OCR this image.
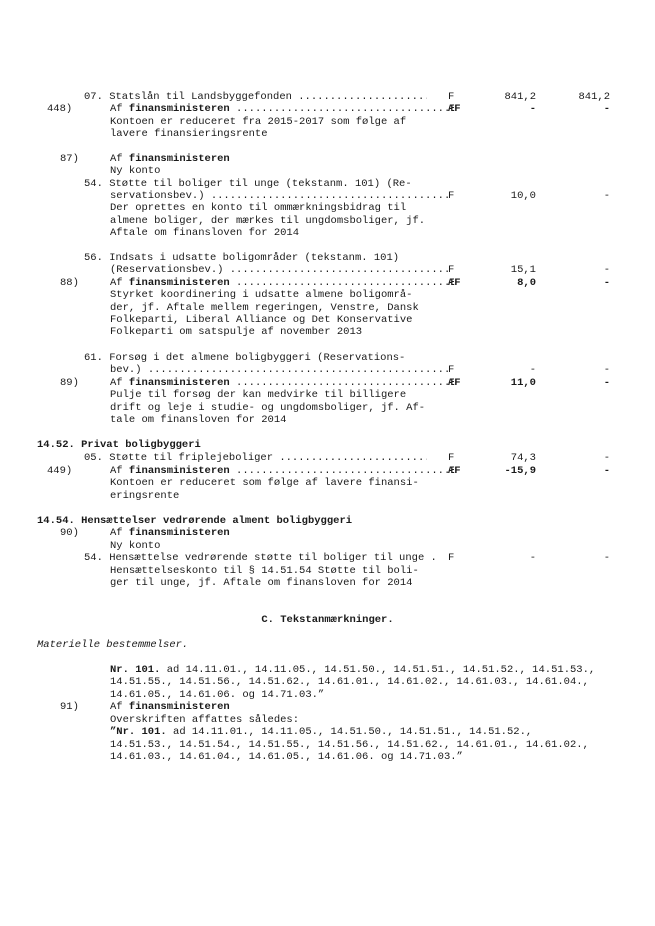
07. Statslån til Landsbyggefonden .....	F	841,2	841,2
448)	Af finansministeren .....	ÆF	-	-
Kontoen er reduceret fra 2015-2017 som følge af
lavere finansieringsrente
87)	Af finansministeren
Ny konto
54. Støtte til boliger til unge (tekstanm. 101) (Re-
servationsbev.) .....	F	10,0	-
Der oprettes en konto til ommærkningsbidrag til
almene boliger, der mærkes til ungdomsboliger, jf.
Aftale om finansloven for 2014
56. Indsats i udsatte boligområder (tekstanm. 101)
(Reservationsbev.) .....	F	15,1	-
88)	Af finansministeren .....	ÆF	8,0	-
Styrket koordinering i udsatte almene boligområ-
der, jf. Aftale mellem regeringen, Venstre, Dansk
Folkeparti, Liberal Alliance og Det Konservative
Folkeparti om satspulje af november 2013
61. Forsøg i det almene boligbyggeri (Reservations-
bev.) .....	F	-	-
89)	Af finansministeren .....	ÆF	11,0	-
Pulje til forsøg der kan medvirke til billigere
drift og leje i studie- og ungdomsboliger, jf. Af-
tale om finansloven for 2014
14.52. Privat boligbyggeri
05. Støtte til friplejeboliger .....	F	74,3	-
449)	Af finansministeren .....	ÆF	-15,9	-
Kontoen er reduceret som følge af lavere finansi-
eringsrente
14.54. Hensættelser vedrørende alment boligbyggeri
90)	Af finansministeren
Ny konto
54. Hensættelse vedrørende støtte til boliger til unge . F	-	-
Hensættelseskonto til § 14.51.54 Støtte til boli-
ger til unge, jf. Aftale om finansloven for 2014
C. Tekstanmærkninger.
Materielle bestemmelser.
Nr. 101. ad 14.11.01., 14.11.05., 14.51.50., 14.51.51., 14.51.52., 14.51.53.,
14.51.55., 14.51.56., 14.51.62., 14.61.01., 14.61.02., 14.61.03., 14.61.04.,
14.61.05., 14.61.06. og 14.71.03.”
91)	Af finansministeren
Overskriften affattes således:
”Nr. 101. ad 14.11.01., 14.11.05., 14.51.50., 14.51.51., 14.51.52.,
14.51.53., 14.51.54., 14.51.55., 14.51.56., 14.51.62., 14.61.01., 14.61.02.,
14.61.03., 14.61.04., 14.61.05., 14.61.06. og 14.71.03.”
